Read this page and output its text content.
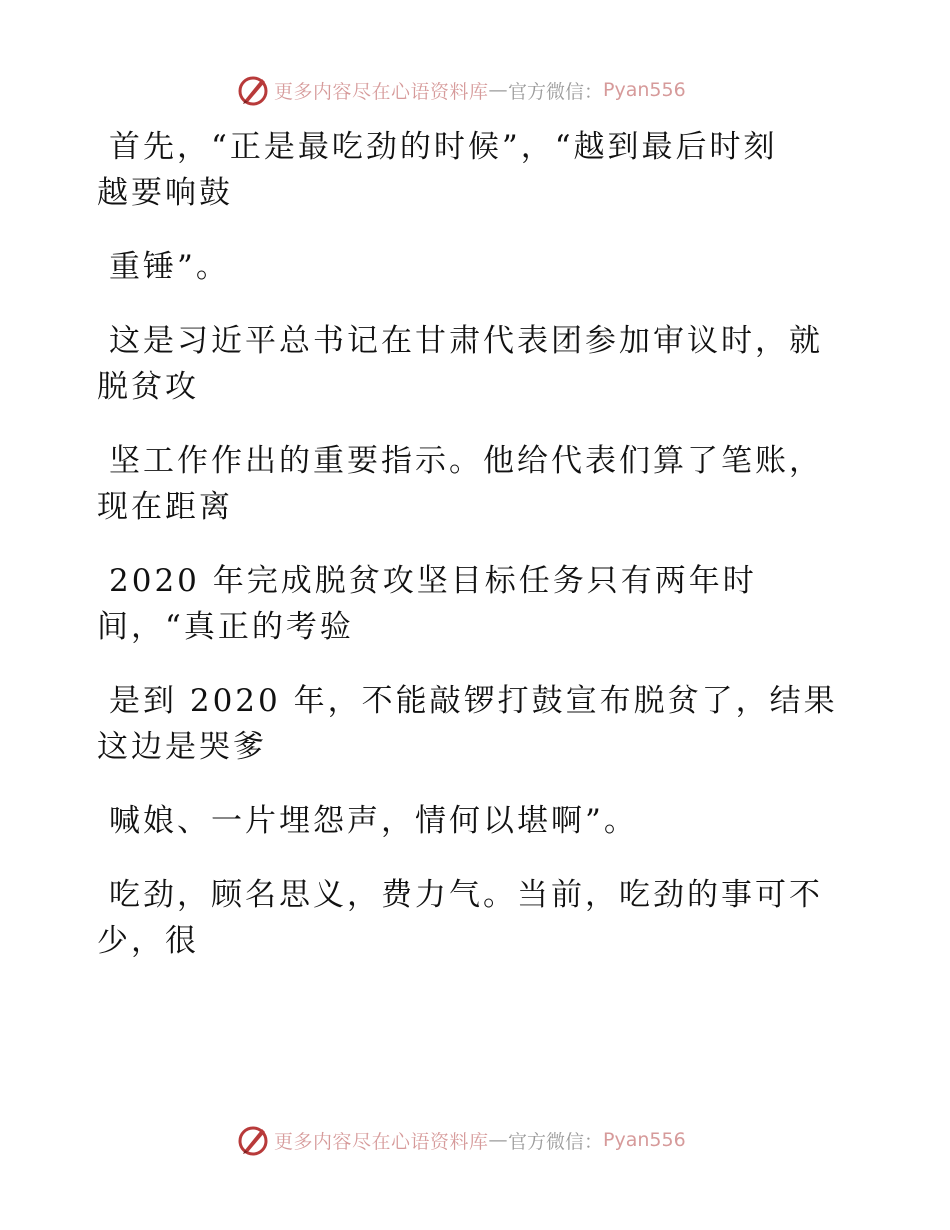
更多内容尽在心语资料库 — 官方微信： Pyan556
首先，“正是最吃劲的时候”，“越到最后时刻
越要响鼓
重锤”。
这是习近平总书记在甘肃代表团参加审议时，就
脱贫攻
坚工作作出的重要指示。他给代表们算了笔账，
现在距离
2020 年完成脱贫攻坚目标任务只有两年时
间，“真正的考验
是到 2020 年，不能敲锣打鼓宣布脱贫了，结果
这边是哭爹
喊娘、一片埋怨声，情何以堪啊”。
吃劲，顾名思义，费力气。当前，吃劲的事可不
少，很
更多内容尽在心语资料库 — 官方微信： Pyan556
